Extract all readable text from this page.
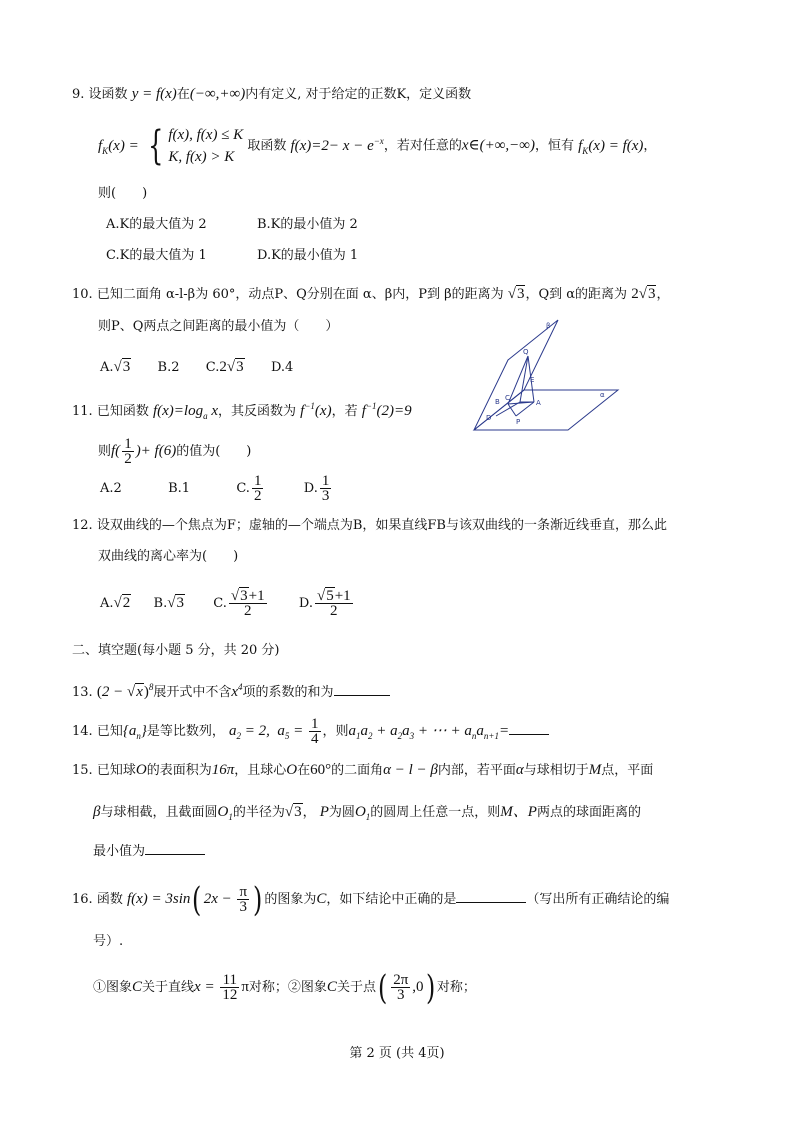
9. 设函数 y = f(x)在(−∞,+∞)内有定义, 对于给定的正数K，定义函数
$f_K(x)$ = { f(x), f(x) ≤ K
K, f(x) > K 取函数 $f(x)=2- x - e^{-x}$，若对任意的x∈(+∞,−∞)，恒有 $f_K(x) = f(x)$，
则(　　)
A.K的最大值为 2	B.K的最小值为 2
C.K的最大值为 1	D.K的最小值为 1
10. 已知二面角 α-l-β为 60°，动点P、Q分别在面 α、β内，P到 β的距离为 √3，Q到 α的距离为 2√3，
则P、Q两点之间距离的最小值为（　　）
A.√3 B.2 C.2√3 D.4
β
α
Q
E
B C
A
D	P
11. 已知函数 $f(x)=\log_a$ x，其反函数为 $f^{-1}(x)$，若 $f^{-1}(2)=9$
则$f( \frac{1}{2}$ )+ f(6)的值为(　　)
A.2	B.1	C. $\frac{1}{2}$	D. $\frac{1}{3}$
12. 设双曲线的—个焦点为F；虚轴的—个端点为B，如果直线FB与该双曲线的一条渐近线垂直，那么此
双曲线的离心率为(　　)
A.√2 B.√3 C. $\frac{√3+1}{2} D$. $\frac{√5+1}{2}$
二、填空题(每小题 5 分，共 20 分)
13. $(2 - √x)^8$展开式中不含$x^4$项的系数的和为
14. 已知$\{a_n\}$是等比数列， $a_2 = 2$,  $a_5 = \frac{1}{4}$ ，则$a_1a_2 + a_2a_3$ + ⋯ + $a_na_{n+1}=$
15. 已知球O的表面积为16π，且球心O在60°的二面角α − l − β内部，若平面α与球相切于M点，平面
β与球相截，且截面圆$O_1$的半径为√3， P为圆$O_1$的圆周上任意一点，则M、P两点的球面距离的
最小值为
16. 函数 f(x) = 3sin( $2x - \frac{\pi}{3}$ ) 的图象为C，如下结论中正确的是	（写出所有正确结论的编
号）.
①图象C关于直线$x = \frac{11}{12}$ π对称；②图象C关于点( $\frac{2\pi}{3} ,0$) 对称；
第 2 页 (共 4页)
